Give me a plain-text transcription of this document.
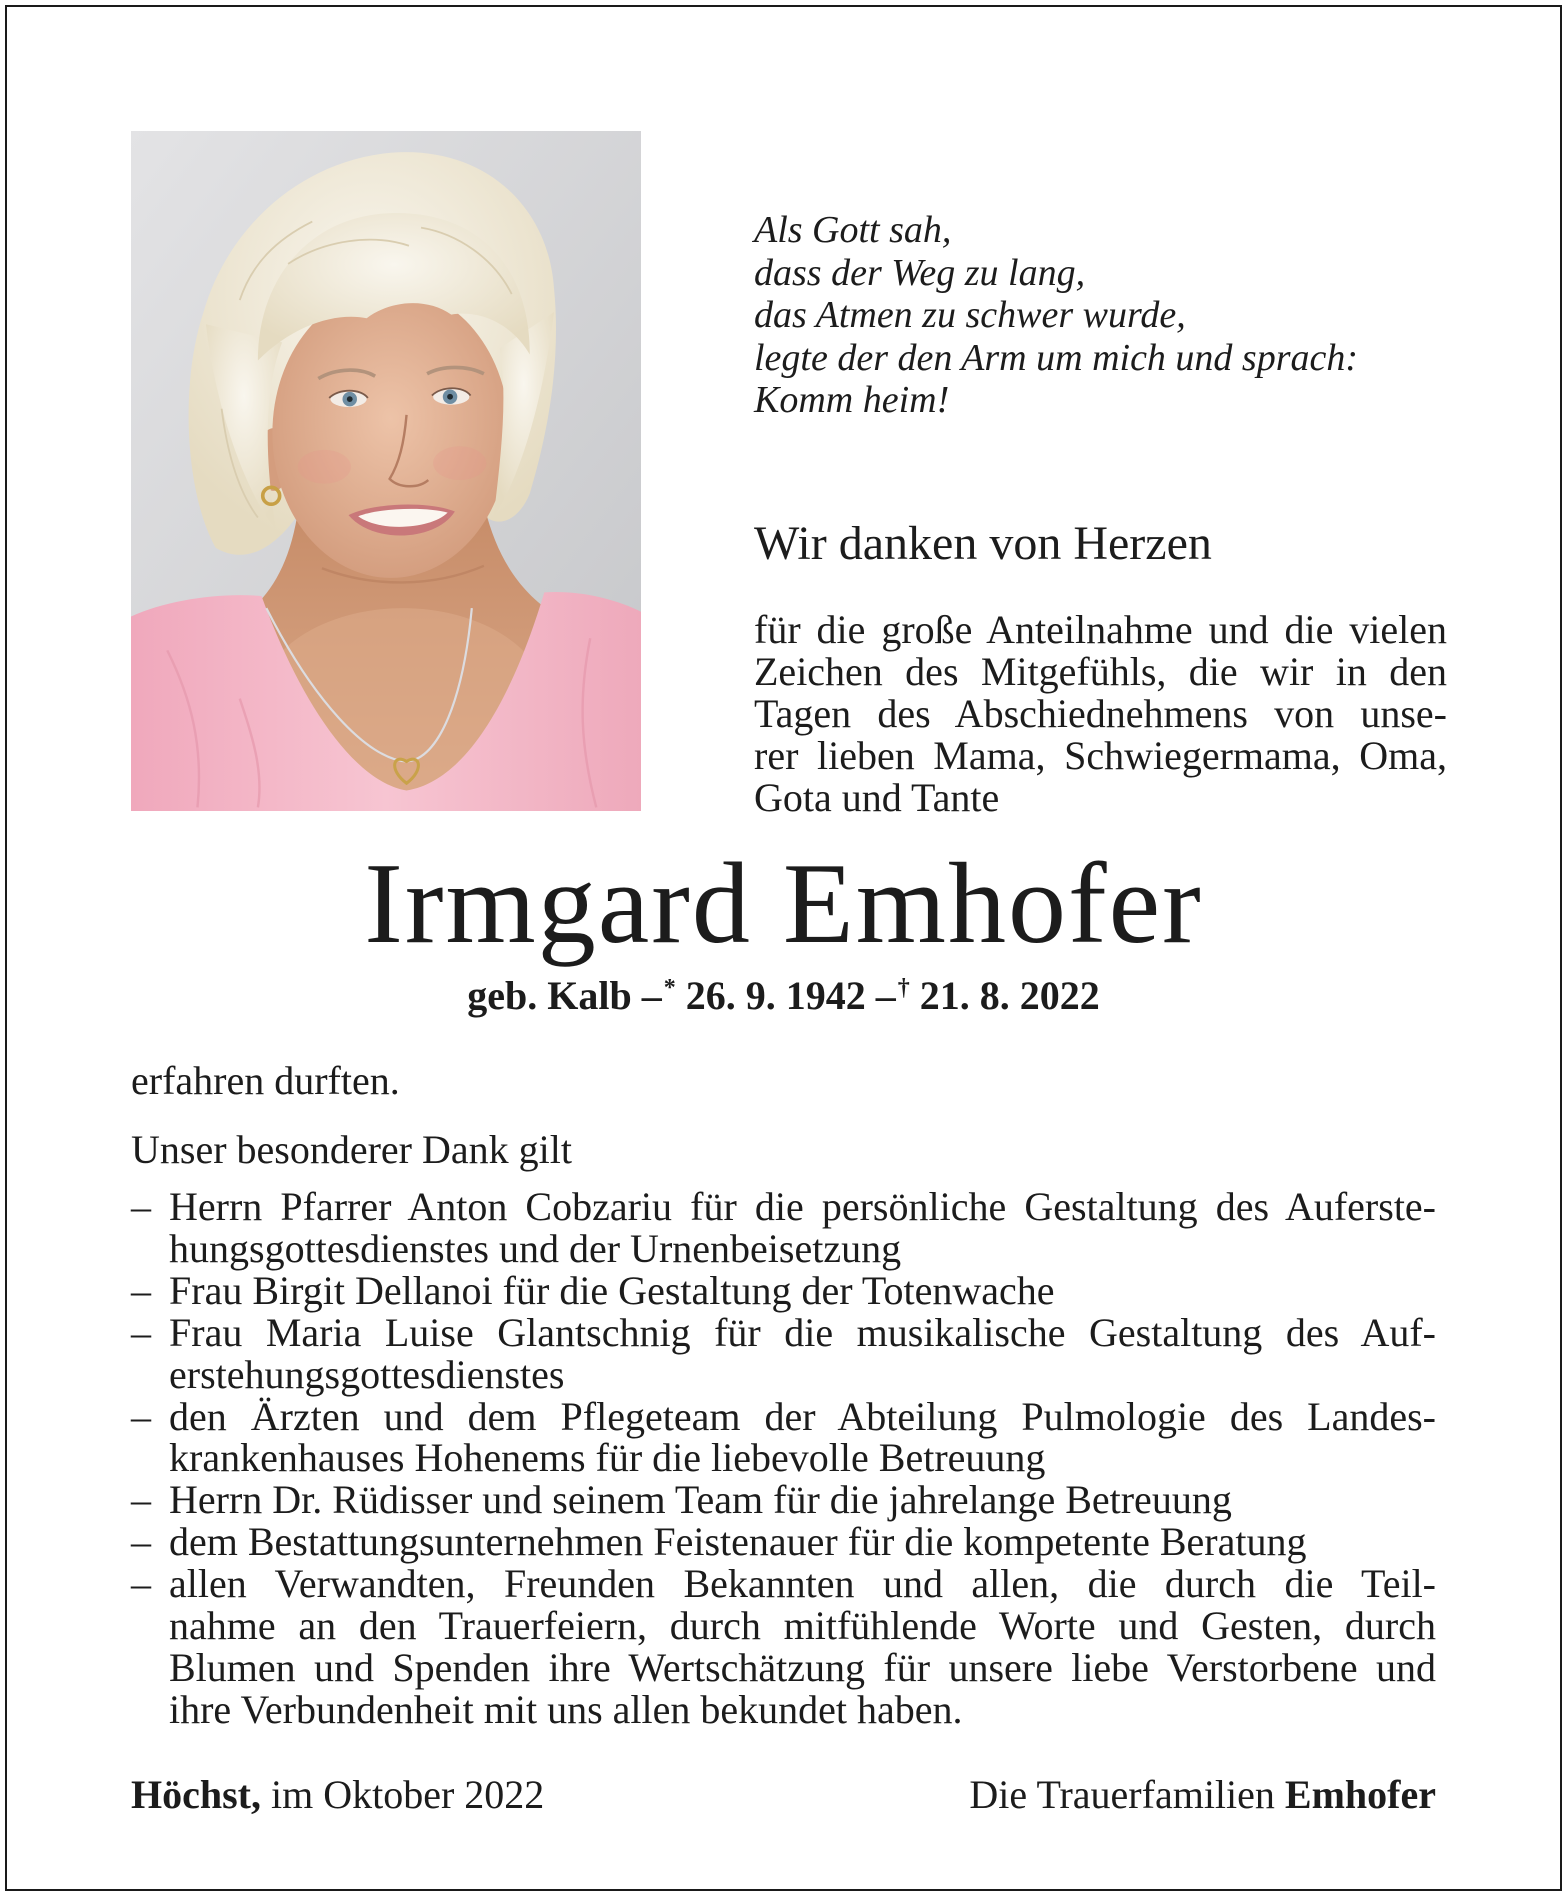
Als Gott sah,
dass der Weg zu lang,
das Atmen zu schwer wurde,
legte der den Arm um mich und sprach:
Komm heim!
Wir danken von Herzen
für die große Anteilnahme und die vielen
Zeichen des Mitgefühls, die wir in den
Tagen des Abschiednehmens von unse-
rer lieben Mama, Schwiegermama, Oma,
Gota und Tante
Irmgard Emhofer
geb. Kalb –* 26. 9. 1942 –† 21. 8. 2022
erfahren durften.
Unser besonderer Dank gilt
– Herrn Pfarrer Anton Cobzariu für die persönliche Gestaltung des Auferste-
hungsgottesdienstes und der Urnenbeisetzung
– Frau Birgit Dellanoi für die Gestaltung der Totenwache
– Frau Maria Luise Glantschnig für die musikalische Gestaltung des Auf-
erstehungsgottesdienstes
– den Ärzten und dem Pflegeteam der Abteilung Pulmologie des Landes-
krankenhauses Hohenems für die liebevolle Betreuung
– Herrn Dr. Rüdisser und seinem Team für die jahrelange Betreuung
– dem Bestattungsunternehmen Feistenauer für die kompetente Beratung
– allen Verwandten, Freunden Bekannten und allen, die durch die Teil-
nahme an den Trauerfeiern, durch mitfühlende Worte und Gesten, durch
Blumen und Spenden ihre Wertschätzung für unsere liebe Verstorbene und
ihre Verbundenheit mit uns allen bekundet haben.
Höchst, im Oktober 2022	Die Trauerfamilien Emhofer
